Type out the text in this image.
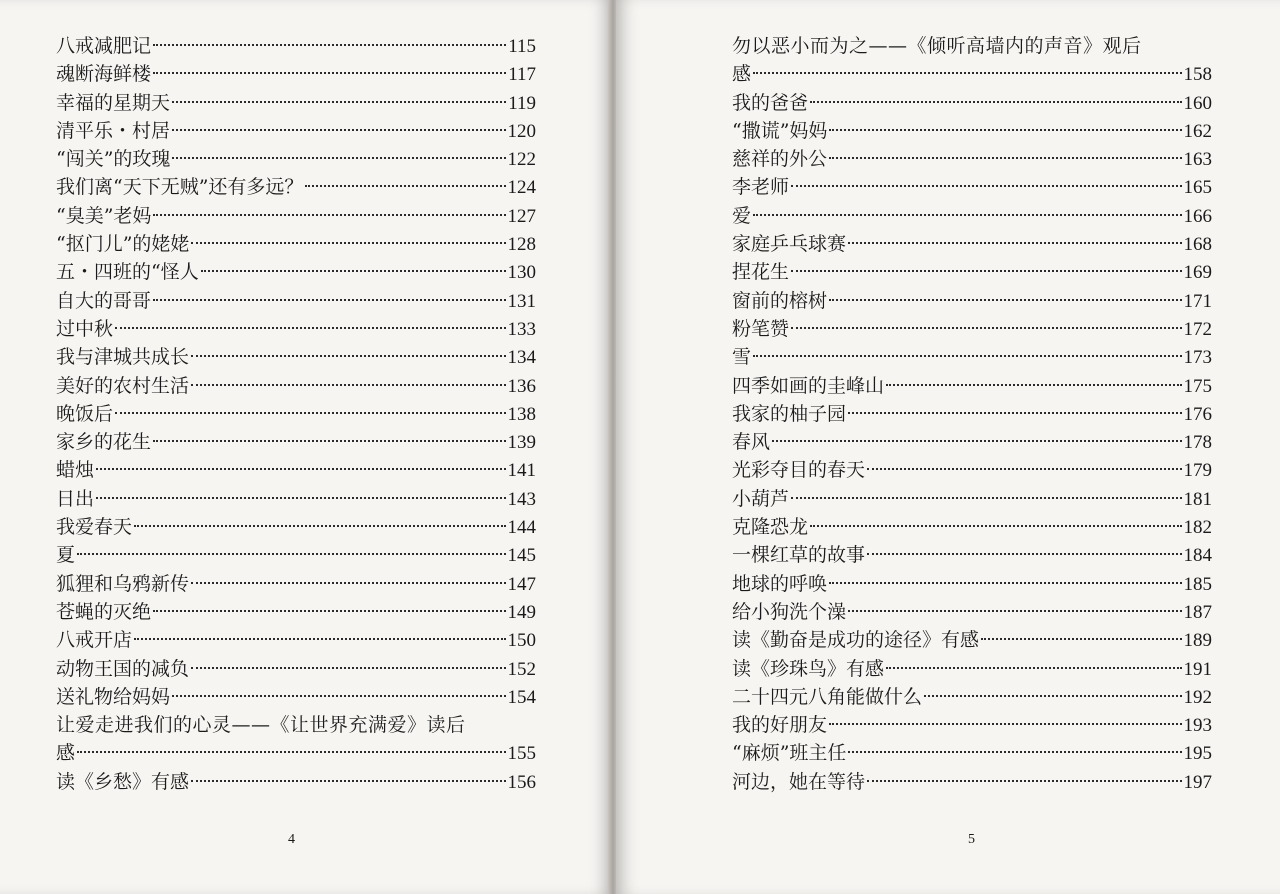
八戒减肥记	115
魂断海鲜楼	117
幸福的星期天	119
清平乐・村居	120
“闯关”的玫瑰	122
我们离“天下无贼”还有多远？	124
“臭美”老妈	127
“抠门儿”的姥姥	128
五・四班的“怪人	130
自大的哥哥	131
过中秋	133
我与津城共成长	134
美好的农村生活	136
晚饭后	138
家乡的花生	139
蜡烛	141
日出	143
我爱春天	144
夏	145
狐狸和乌鸦新传	147
苍蝇的灭绝	149
八戒开店	150
动物王国的减负	152
送礼物给妈妈	154
让爱走进我们的心灵——《让世界充满爱》读后
感	155
读《乡愁》有感	156
4
勿以恶小而为之——《倾听高墙内的声音》观后
感	158
我的爸爸	160
“撒谎”妈妈	162
慈祥的外公	163
李老师	165
爱	166
家庭乒乓球赛	168
捏花生	169
窗前的榕树	171
粉笔赞	172
雪	173
四季如画的圭峰山	175
我家的柚子园	176
春风	178
光彩夺目的春天	179
小葫芦	181
克隆恐龙	182
一棵红草的故事	184
地球的呼唤	185
给小狗洗个澡	187
读《勤奋是成功的途径》有感	189
读《珍珠鸟》有感	191
二十四元八角能做什么	192
我的好朋友	193
“麻烦”班主任	195
河边，她在等待	197
5
